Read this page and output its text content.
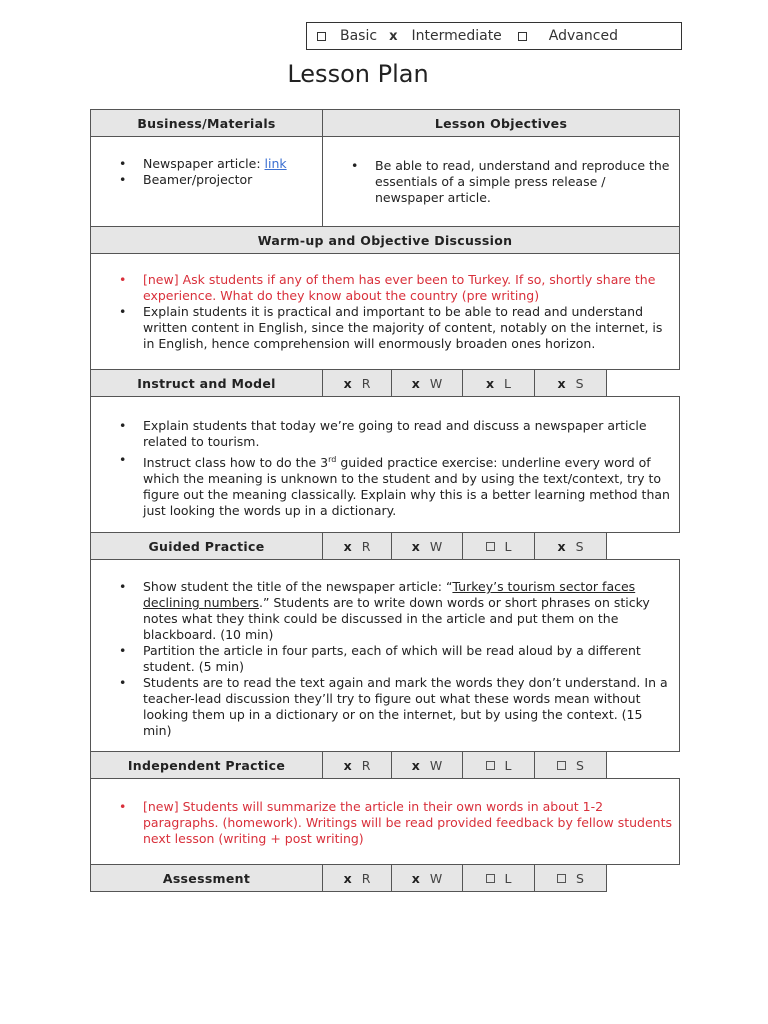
Basic x Intermediate	Advanced
Lesson Plan
Business/Materials	Lesson Objectives			

• Newspaper article: link
• Beamer/projector

• Be able to read, understand and reproduce the essentials of a simple press release / newspaper article.

Warm-up and Objective Discussion				

• [new] Ask students if any of them has ever been to Turkey. If so, shortly share the experience. What do they know about the country (pre writing)
• Explain students it is practical and important to be able to read and understand written content in English, since the majority of content, notably on the internet, is in English, hence comprehension will enormously broaden ones horizon.

Instruct and Model	x R	x W	x L	x S

• Explain students that today we’re going to read and discuss a newspaper article related to tourism.
• Instruct class how to do the 3rd guided practice exercise: underline every word of which the meaning is unknown to the student and by using the text/context, try to figure out the meaning classically. Explain why this is a better learning method than just looking the words up in a dictionary.

Guided Practice	x R	x W	L	x S

• Show student the title of the newspaper article: “Turkey’s tourism sector faces declining numbers.” Students are to write down words or short phrases on sticky notes what they think could be discussed in the article and put them on the blackboard. (10 min)
• Partition the article in four parts, each of which will be read aloud by a different student. (5 min)
• Students are to read the text again and mark the words they don’t understand. In a teacher-lead discussion they’ll try to figure out what these words mean without looking them up in a dictionary or on the internet, but by using the context. (15 min)

Independent Practice	x R	x W	L	S

• [new] Students will summarize the article in their own words in about 1-2 paragraphs. (homework). Writings will be read provided feedback by fellow students next lesson (writing + post writing)

Assessment	x R	x W	L	S
